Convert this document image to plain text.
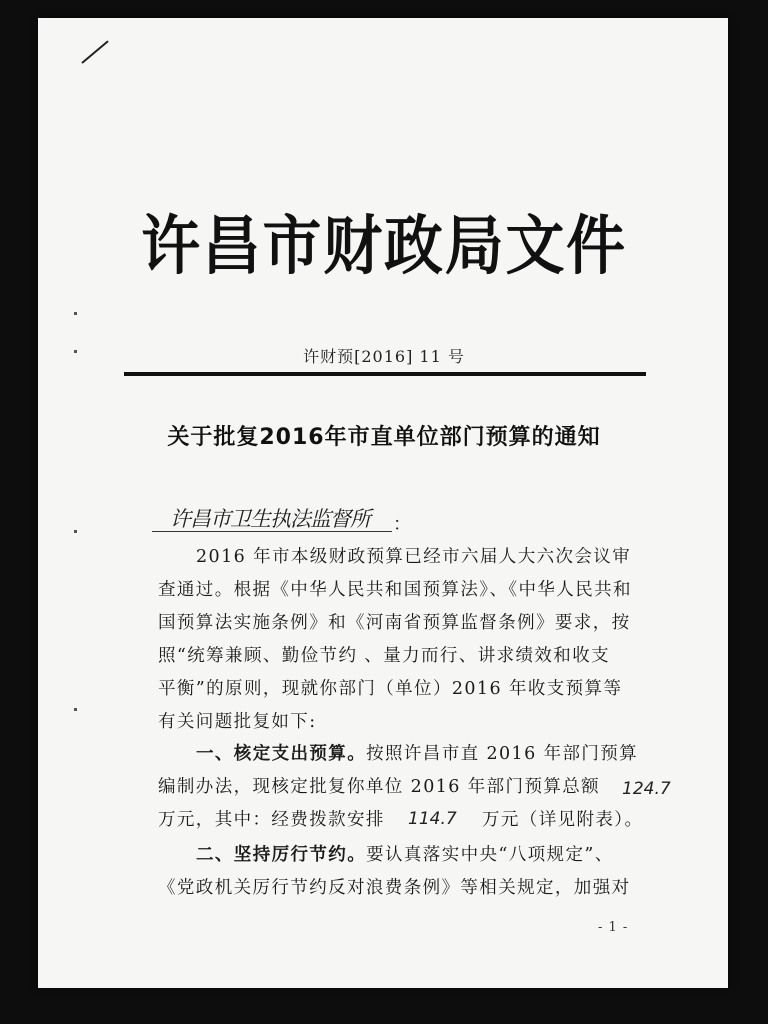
许昌市财政局文件
许财预[2016] 11 号
关于批复2016年市直单位部门预算的通知
许昌市卫生执法监督所 ：
2016 年市本级财政预算已经市六届人大六次会议审
查通过。根据《中华人民共和国预算法》、《中华人民共和
国预算法实施条例》和《河南省预算监督条例》要求，按
照“统筹兼顾、勤俭节约 、量力而行、讲求绩效和收支
平衡”的原则，现就你部门（单位）2016 年收支预算等
有关问题批复如下:
一、核定支出预算。按照许昌市直 2016 年部门预算
编制办法，现核定批复你单位 2016 年部门预算总额 124.7
万元，其中：经费拨款安排 114.7 万元（详见附表）。
二、坚持厉行节约。要认真落实中央“八项规定”、
《党政机关厉行节约反对浪费条例》等相关规定，加强对
- 1 -
